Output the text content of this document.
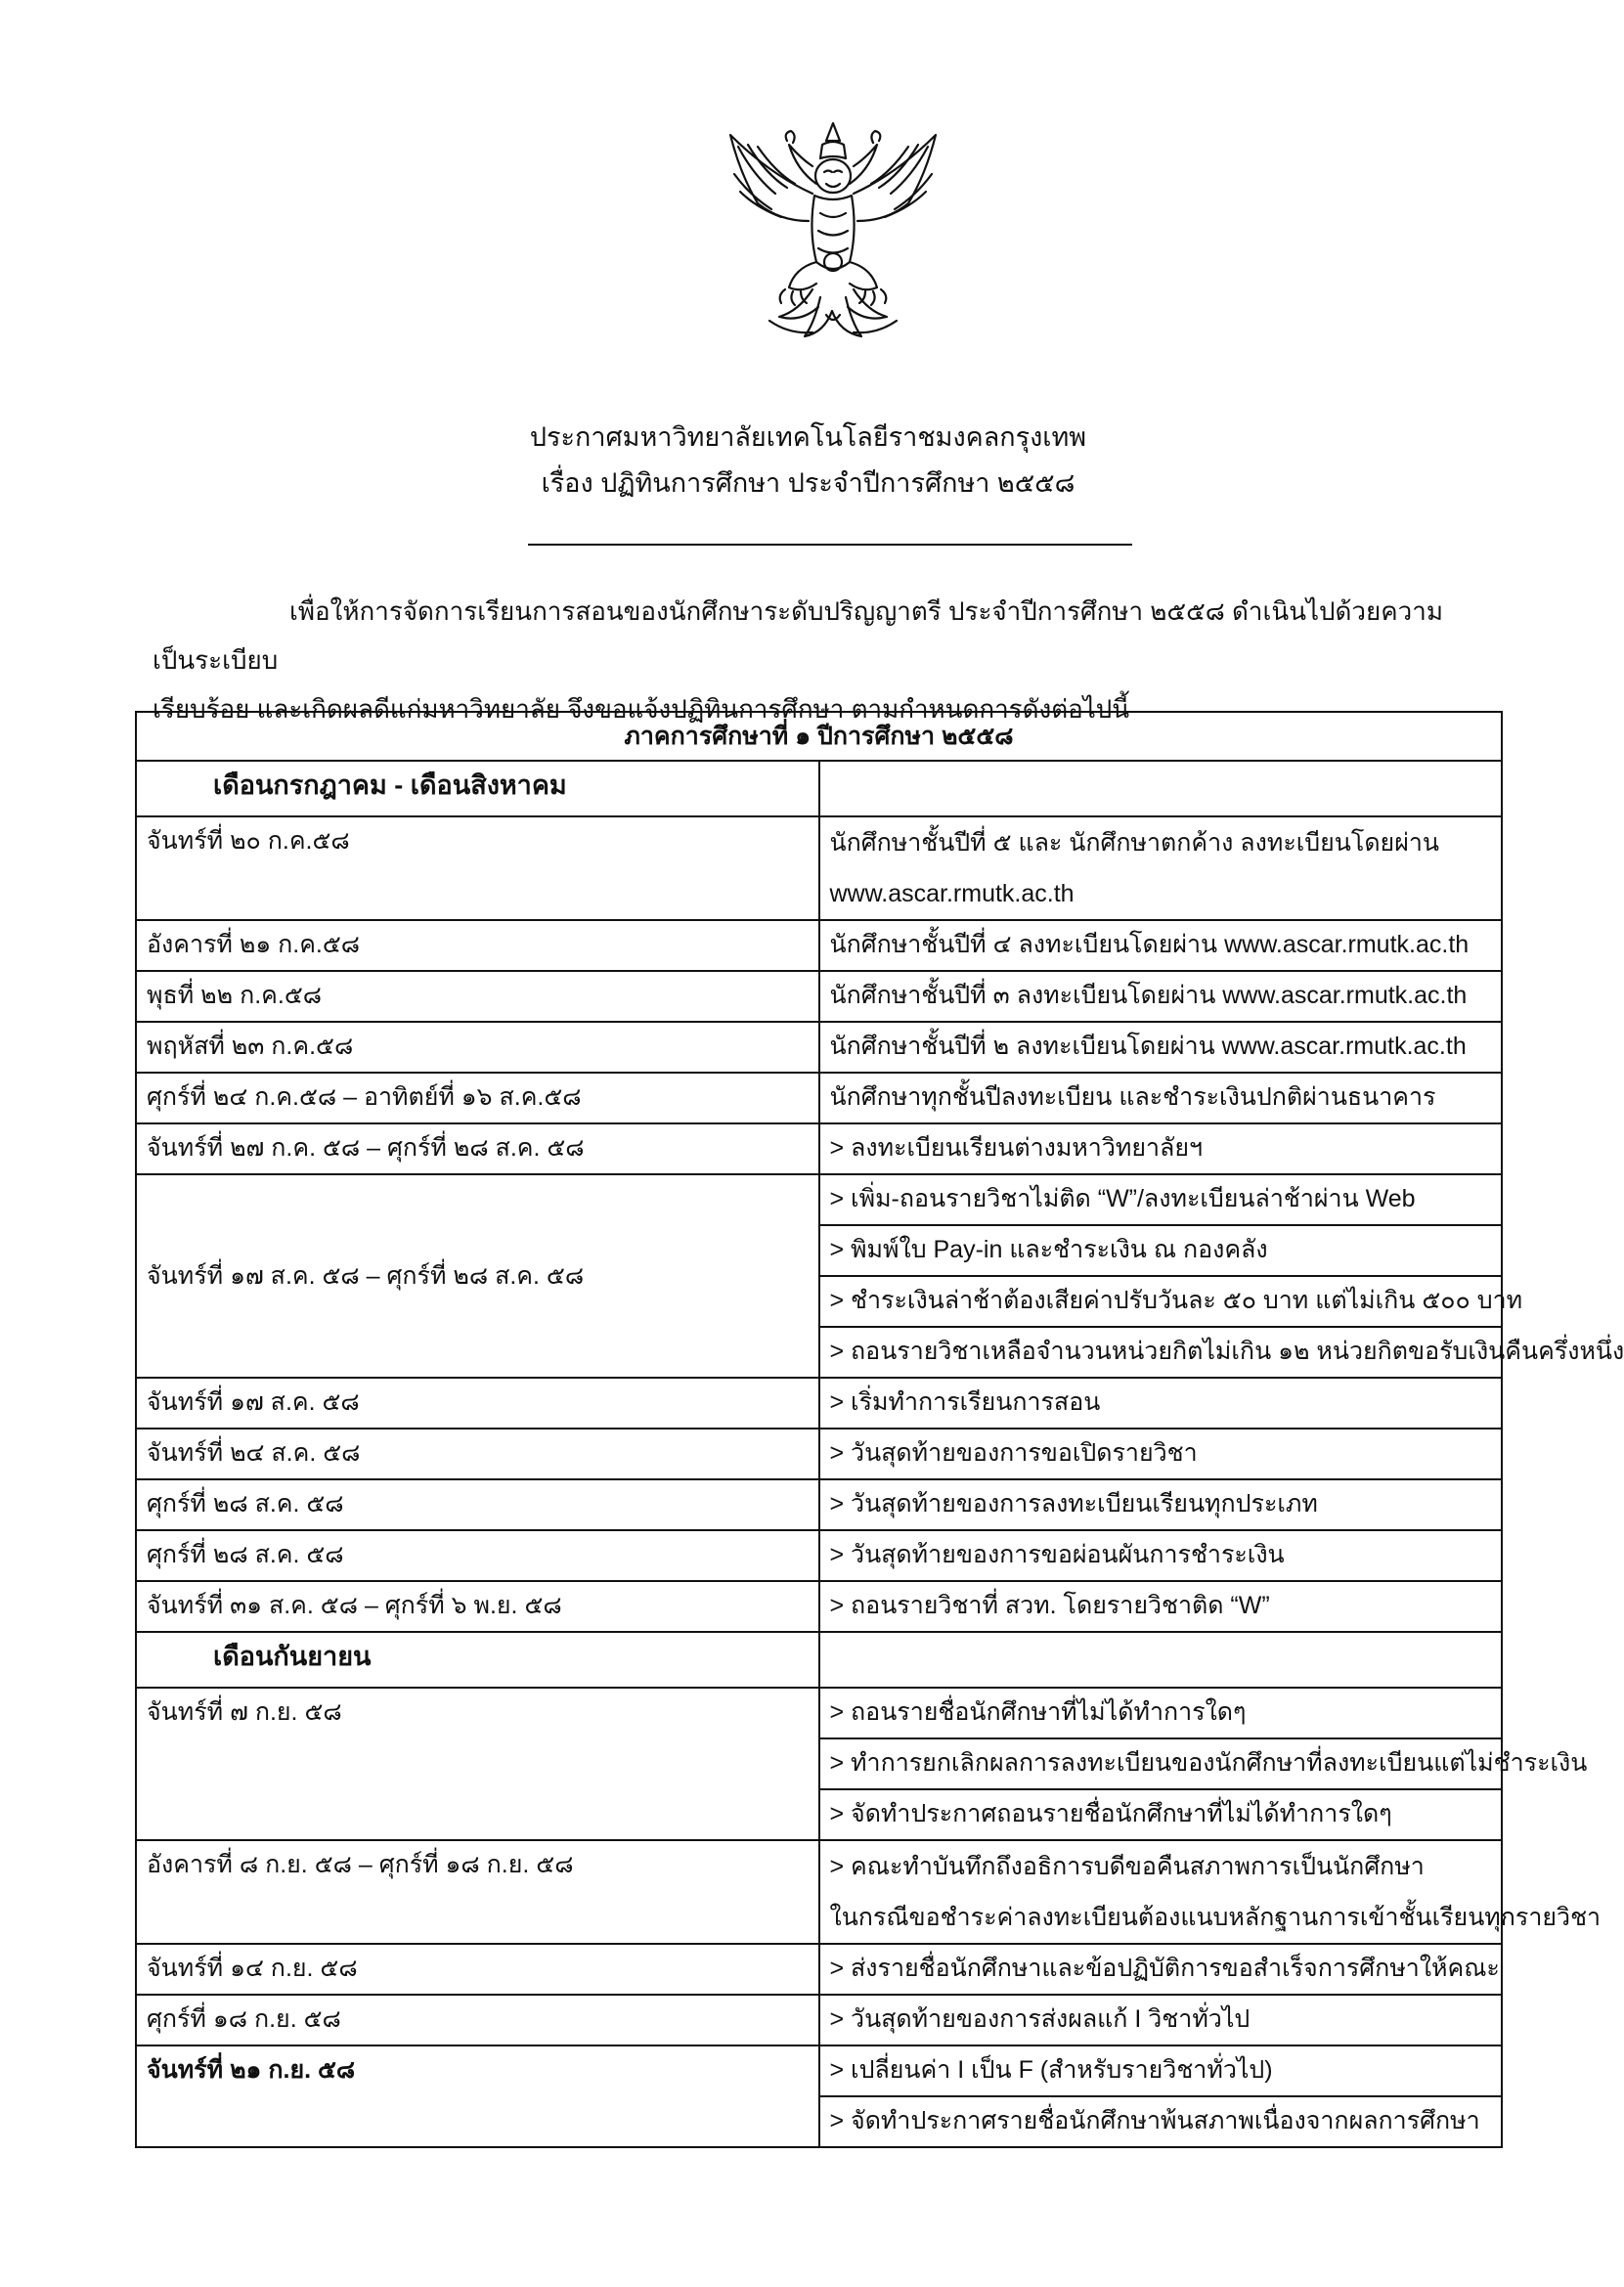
ประกาศมหาวิทยาลัยเทคโนโลยีราชมงคลกรุงเทพ
เรื่อง ปฏิทินการศึกษา ประจำปีการศึกษา ๒๕๕๘
เพื่อให้การจัดการเรียนการสอนของนักศึกษาระดับปริญญาตรี ประจำปีการศึกษา ๒๕๕๘ ดำเนินไปด้วยความเป็นระเบียบ
เรียบร้อย และเกิดผลดีแก่มหาวิทยาลัย จึงขอแจ้งปฏิทินการศึกษา ตามกำหนดการดังต่อไปนี้
ภาคการศึกษาที่ ๑ ปีการศึกษา ๒๕๕๘	
เดือนกรกฎาคม - เดือนสิงหาคม	
จันทร์ที่ ๒๐ ก.ค.๕๘	นักศึกษาชั้นปีที่ ๕ และ นักศึกษาตกค้าง ลงทะเบียนโดยผ่าน
www.ascar.rmutk.ac.th

อังคารที่ ๒๑ ก.ค.๕๘	นักศึกษาชั้นปีที่ ๔ ลงทะเบียนโดยผ่าน www.ascar.rmutk.ac.th
พุธที่ ๒๒ ก.ค.๕๘	นักศึกษาชั้นปีที่ ๓ ลงทะเบียนโดยผ่าน www.ascar.rmutk.ac.th
พฤหัสที่ ๒๓ ก.ค.๕๘	นักศึกษาชั้นปีที่ ๒ ลงทะเบียนโดยผ่าน www.ascar.rmutk.ac.th
ศุกร์ที่ ๒๔ ก.ค.๕๘ – อาทิตย์ที่ ๑๖ ส.ค.๕๘	นักศึกษาทุกชั้นปีลงทะเบียน และชำระเงินปกติผ่านธนาคาร
จันทร์ที่ ๒๗ ก.ค. ๕๘ – ศุกร์ที่ ๒๘ ส.ค. ๕๘	> ลงทะเบียนเรียนต่างมหาวิทยาลัยฯ
จันทร์ที่ ๑๗ ส.ค. ๕๘ – ศุกร์ที่ ๒๘ ส.ค. ๕๘	> เพิ่ม-ถอนรายวิชาไม่ติด “W”/ลงทะเบียนล่าช้าผ่าน Web
	> พิมพ์ใบ Pay-in และชำระเงิน ณ กองคลัง
	> ชำระเงินล่าช้าต้องเสียค่าปรับวันละ ๕๐ บาท แต่ไม่เกิน ๕๐๐ บาท
	> ถอนรายวิชาเหลือจำนวนหน่วยกิตไม่เกิน ๑๒ หน่วยกิตขอรับเงินคืนครึ่งหนึ่ง
จันทร์ที่ ๑๗ ส.ค. ๕๘	> เริ่มทำการเรียนการสอน
จันทร์ที่ ๒๔ ส.ค. ๕๘	> วันสุดท้ายของการขอเปิดรายวิชา
ศุกร์ที่ ๒๘ ส.ค. ๕๘	> วันสุดท้ายของการลงทะเบียนเรียนทุกประเภท
ศุกร์ที่ ๒๘ ส.ค. ๕๘	> วันสุดท้ายของการขอผ่อนผันการชำระเงิน
จันทร์ที่ ๓๑ ส.ค. ๕๘ – ศุกร์ที่ ๖ พ.ย. ๕๘	> ถอนรายวิชาที่ สวท. โดยรายวิชาติด “W”
เดือนกันยายน	
จันทร์ที่ ๗ ก.ย. ๕๘	> ถอนรายชื่อนักศึกษาที่ไม่ได้ทำการใดๆ
	> ทำการยกเลิกผลการลงทะเบียนของนักศึกษาที่ลงทะเบียนแต่ไม่ชำระเงิน
	> จัดทำประกาศถอนรายชื่อนักศึกษาที่ไม่ได้ทำการใดๆ
อังคารที่ ๘ ก.ย. ๕๘ – ศุกร์ที่ ๑๘ ก.ย. ๕๘	> คณะทำบันทึกถึงอธิการบดีขอคืนสภาพการเป็นนักศึกษา
ในกรณีขอชำระค่าลงทะเบียนต้องแนบหลักฐานการเข้าชั้นเรียนทุกรายวิชา

จันทร์ที่ ๑๔ ก.ย. ๕๘	> ส่งรายชื่อนักศึกษาและข้อปฏิบัติการขอสำเร็จการศึกษาให้คณะ
ศุกร์ที่ ๑๘ ก.ย. ๕๘	> วันสุดท้ายของการส่งผลแก้ I วิชาทั่วไป
จันทร์ที่ ๒๑ ก.ย. ๕๘	> เปลี่ยนค่า I เป็น F (สำหรับรายวิชาทั่วไป)
	> จัดทำประกาศรายชื่อนักศึกษาพ้นสภาพเนื่องจากผลการศึกษา
